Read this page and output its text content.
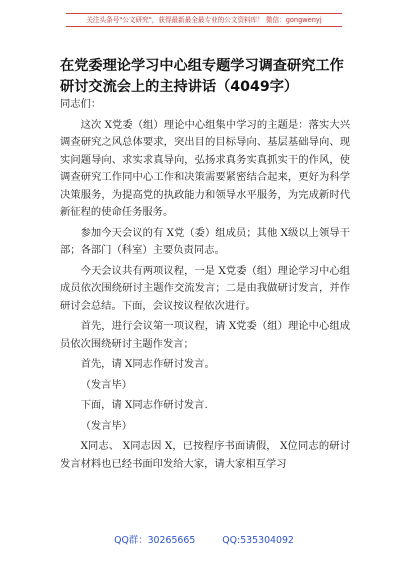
关注头条号"公文研究"，获得最新最全最专业的公文资料库！ 微信：gongwenyj
在党委理论学习中心组专题学习调查研究工作
研讨交流会上的主持讲话（4049字）

同志们：

这次 X党委（组）理论中心组集中学习的主题是：落实大兴调查研究之风总体要求，突出目的目标导向、基层基础导向、现实问题导向、求实求真导向，弘扬求真务实真抓实干的作风，使调查研究工作同中心工作和决策需要紧密结合起来，更好为科学决策服务，为提高党的执政能力和领导水平服务，为完成新时代新征程的使命任务服务。

参加今天会议的有 X党（委）组成员；其他 X级以上领导干部；各部门（科室）主要负责同志。

今天会议共有两项议程，一是 X党委（组）理论学习中心组成员依次围绕研讨主题作交流发言；二是由我做研讨发言，并作研讨会总结。下面，会议按议程依次进行。

首先，进行会议第一项议程，请 X党委（组）理论中心组成员依次围绕研讨主题作发言；

首先，请 X同志作研讨发言。

（发言毕）

下面，请 X同志作研讨发言.

（发言毕）

X同志、 X同志因 X，已按程序书面请假， X位同志的研讨发言材料也已经书面印发给大家，请大家相互学习

QQ群：30265665	QQ:535304092
